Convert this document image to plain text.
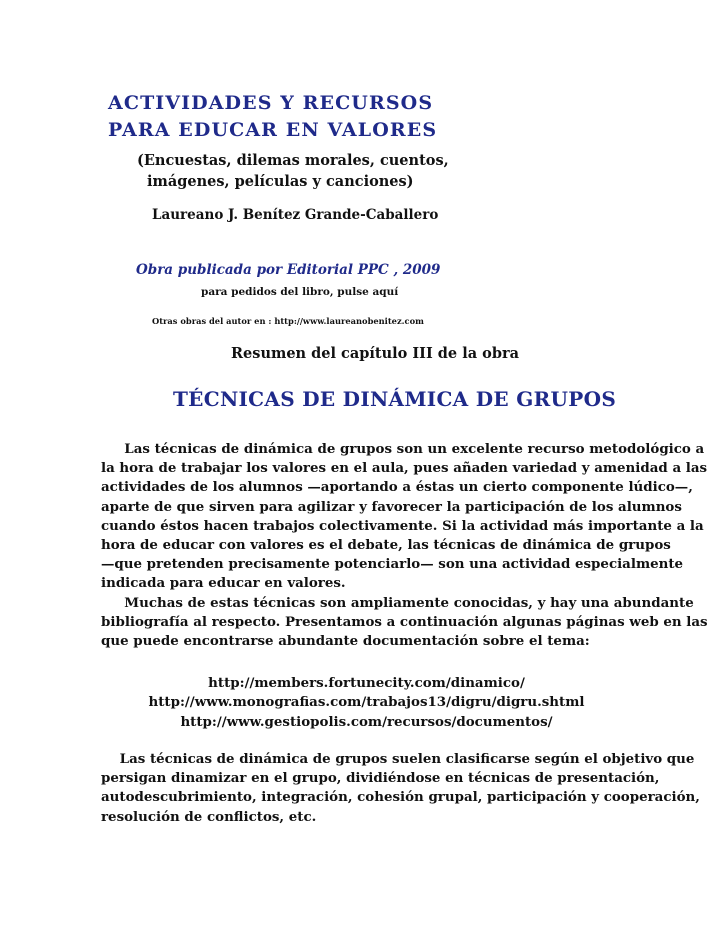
ACTIVIDADES Y RECURSOS
PARA EDUCAR EN VALORES
(Encuestas, dilemas morales, cuentos,
imágenes, películas y canciones)
Laureano J. Benítez Grande-Caballero
Obra publicada por Editorial PPC , 2009
para pedidos del libro, pulse aquí
Otras obras del autor en : http://www.laureanobenitez.com
Resumen del capítulo III de la obra
TÉCNICAS DE DINÁMICA DE GRUPOS
Las técnicas de dinámica de grupos son un excelente recurso metodológico a
la hora de trabajar los valores en el aula, pues añaden variedad y amenidad a las
actividades de los alumnos —aportando a éstas un cierto componente lúdico—,
aparte de que sirven para agilizar y favorecer la participación de los alumnos
cuando éstos hacen trabajos colectivamente. Si la actividad más importante a la
hora de educar con valores es el debate, las técnicas de dinámica de grupos
—que pretenden precisamente potenciarlo— son una actividad especialmente
indicada para educar en valores.
Muchas de estas técnicas son ampliamente conocidas, y hay una abundante
bibliografía al respecto. Presentamos a continuación algunas páginas web en las
que puede encontrarse abundante documentación sobre el tema:
http://members.fortunecity.com/dinamico/
http://www.monografias.com/trabajos13/digru/digru.shtml
http://www.gestiopolis.com/recursos/documentos/
Las técnicas de dinámica de grupos suelen clasificarse según el objetivo que
persigan dinamizar en el grupo, dividiéndose en técnicas de presentación,
autodescubrimiento, integración, cohesión grupal, participación y cooperación,
resolución de conflictos, etc.
